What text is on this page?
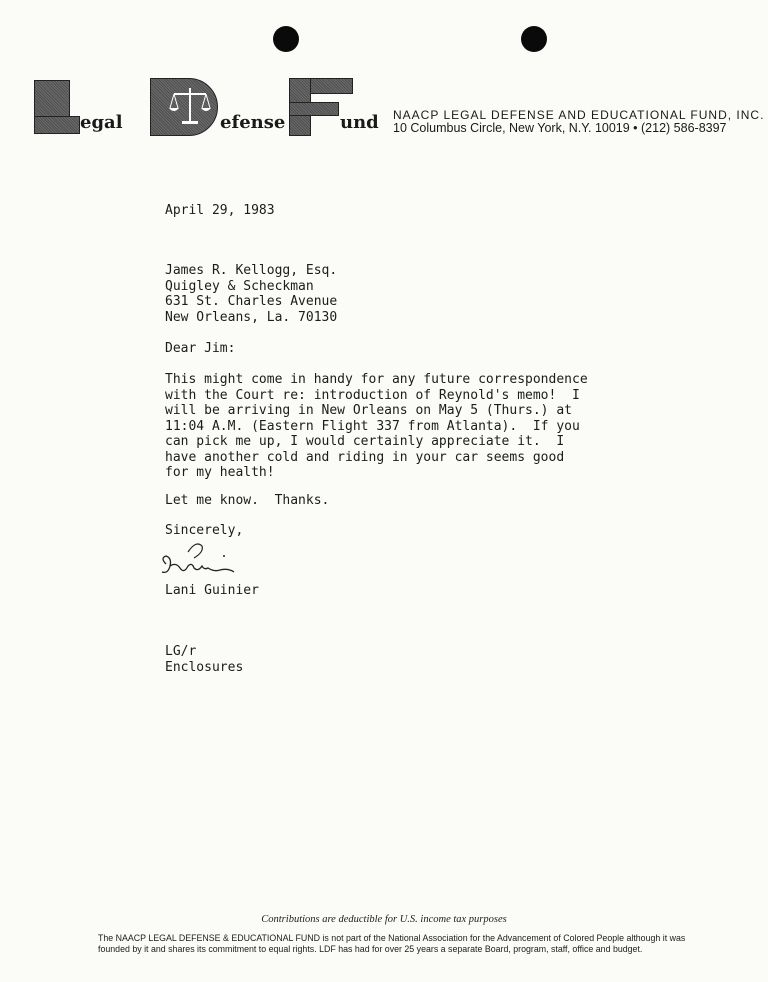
egal	efense	und NAACP LEGAL DEFENSE AND EDUCATIONAL FUND, INC.
10 Columbus Circle, New York, N.Y. 10019 • (212) 586-8397
April 29, 1983
James R. Kellogg, Esq.
Quigley & Scheckman
631 St. Charles Avenue
New Orleans, La. 70130
Dear Jim:
This might come in handy for any future correspondence
with the Court re: introduction of Reynold's memo!  I
will be arriving in New Orleans on May 5 (Thurs.) at
11:04 A.M. (Eastern Flight 337 from Atlanta).  If you
can pick me up, I would certainly appreciate it.  I
have another cold and riding in your car seems good
for my health!
Let me know.  Thanks.
Sincerely,
Lani Guinier
LG/r
Enclosures
Contributions are deductible for U.S. income tax purposes
The NAACP LEGAL DEFENSE & EDUCATIONAL FUND is not part of the National Association for the Advancement of Colored People although it was founded by it and shares its commitment to equal rights. LDF has had for over 25 years a separate Board, program, staff, office and budget.
